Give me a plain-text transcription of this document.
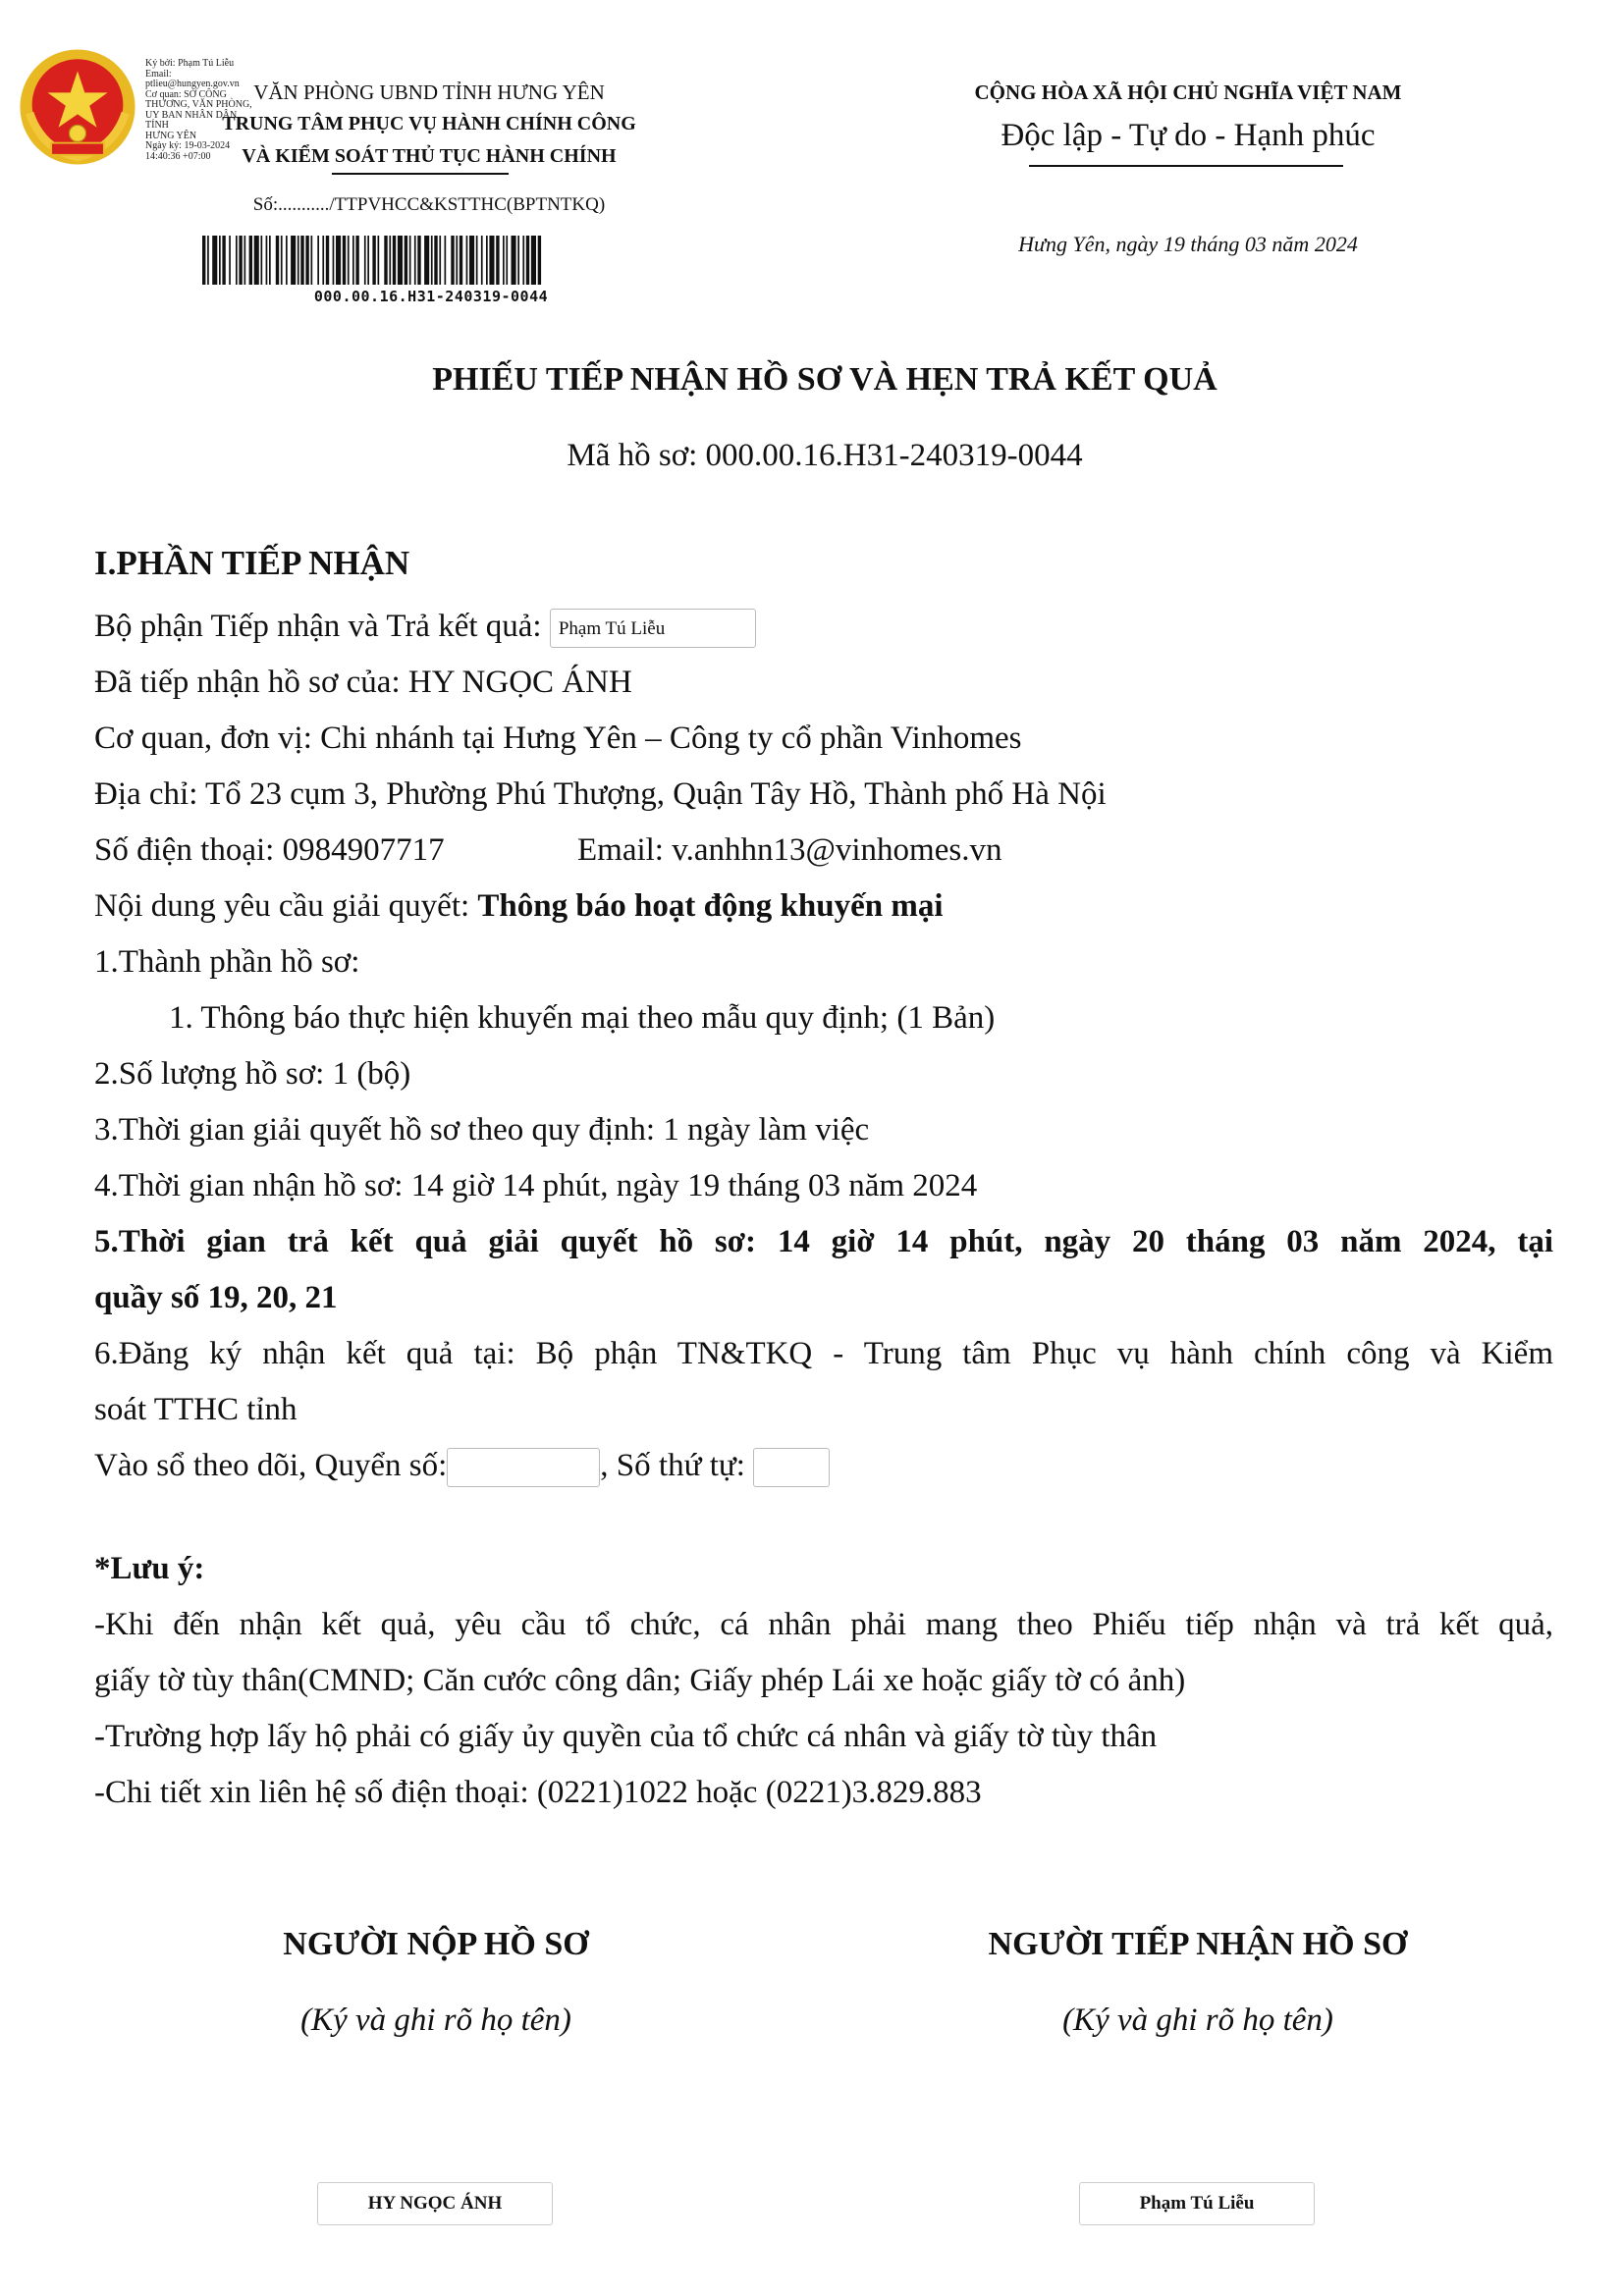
Ký bởi: Phạm Tú Liễu
Email:
ptlieu@hungyen.gov.vn
Cơ quan: SỞ CÔNG
THƯƠNG, VĂN PHÒNG,
UY BAN NHÂN DÂN TỈNH
HƯNG YÊN
Ngày ký: 19-03-2024
14:40:36 +07:00
VĂN PHÒNG UBND TỈNH HƯNG YÊN
TRUNG TÂM PHỤC VỤ HÀNH CHÍNH CÔNG
VÀ KIỂM SOÁT THỦ TỤC HÀNH CHÍNH
Số:.........../TTPVHCC&KSTTHC(BPTNTKQ)
000.00.16.H31-240319-0044
CỘNG HÒA XÃ HỘI CHỦ NGHĨA VIỆT NAM
Độc lập - Tự do - Hạnh phúc
Hưng Yên, ngày 19 tháng 03 năm 2024
PHIẾU TIẾP NHẬN HỒ SƠ VÀ HẸN TRẢ KẾT QUẢ
Mã hồ sơ: 000.00.16.H31-240319-0044
I.PHẦN TIẾP NHẬN
Bộ phận Tiếp nhận và Trả kết quả: Phạm Tú Liễu
Đã tiếp nhận hồ sơ của: HY NGỌC ÁNH
Cơ quan, đơn vị: Chi nhánh tại Hưng Yên – Công ty cổ phần Vinhomes
Địa chỉ: Tổ 23 cụm 3, Phường Phú Thượng, Quận Tây Hồ, Thành phố Hà Nội
Số điện thoại: 0984907717	Email: v.anhhn13@vinhomes.vn
Nội dung yêu cầu giải quyết: Thông báo hoạt động khuyến mại
1.Thành phần hồ sơ:
1. Thông báo thực hiện khuyến mại theo mẫu quy định; (1 Bản)
2.Số lượng hồ sơ: 1 (bộ)
3.Thời gian giải quyết hồ sơ theo quy định: 1 ngày làm việc
4.Thời gian nhận hồ sơ: 14 giờ 14 phút, ngày 19 tháng 03 năm 2024
5.Thời gian trả kết quả giải quyết hồ sơ: 14 giờ 14 phút, ngày 20 tháng 03 năm 2024, tại
quầy số 19, 20, 21
6.Đăng ký nhận kết quả tại: Bộ phận TN&TKQ - Trung tâm Phục vụ hành chính công và Kiểm
soát TTHC tỉnh
Vào sổ theo dõi, Quyển số:	, Số thứ tự:
*Lưu ý:
-Khi đến nhận kết quả, yêu cầu tổ chức, cá nhân phải mang theo Phiếu tiếp nhận và trả kết quả,
giấy tờ tùy thân(CMND; Căn cước công dân; Giấy phép Lái xe hoặc giấy tờ có ảnh)
-Trường hợp lấy hộ phải có giấy ủy quyền của tổ chức cá nhân và giấy tờ tùy thân
-Chi tiết xin liên hệ số điện thoại: (0221)1022 hoặc (0221)3.829.883
NGƯỜI NỘP HỒ SƠ
(Ký và ghi rõ họ tên)
HY NGỌC ÁNH
NGƯỜI TIẾP NHẬN HỒ SƠ
(Ký và ghi rõ họ tên)
Phạm Tú Liễu
